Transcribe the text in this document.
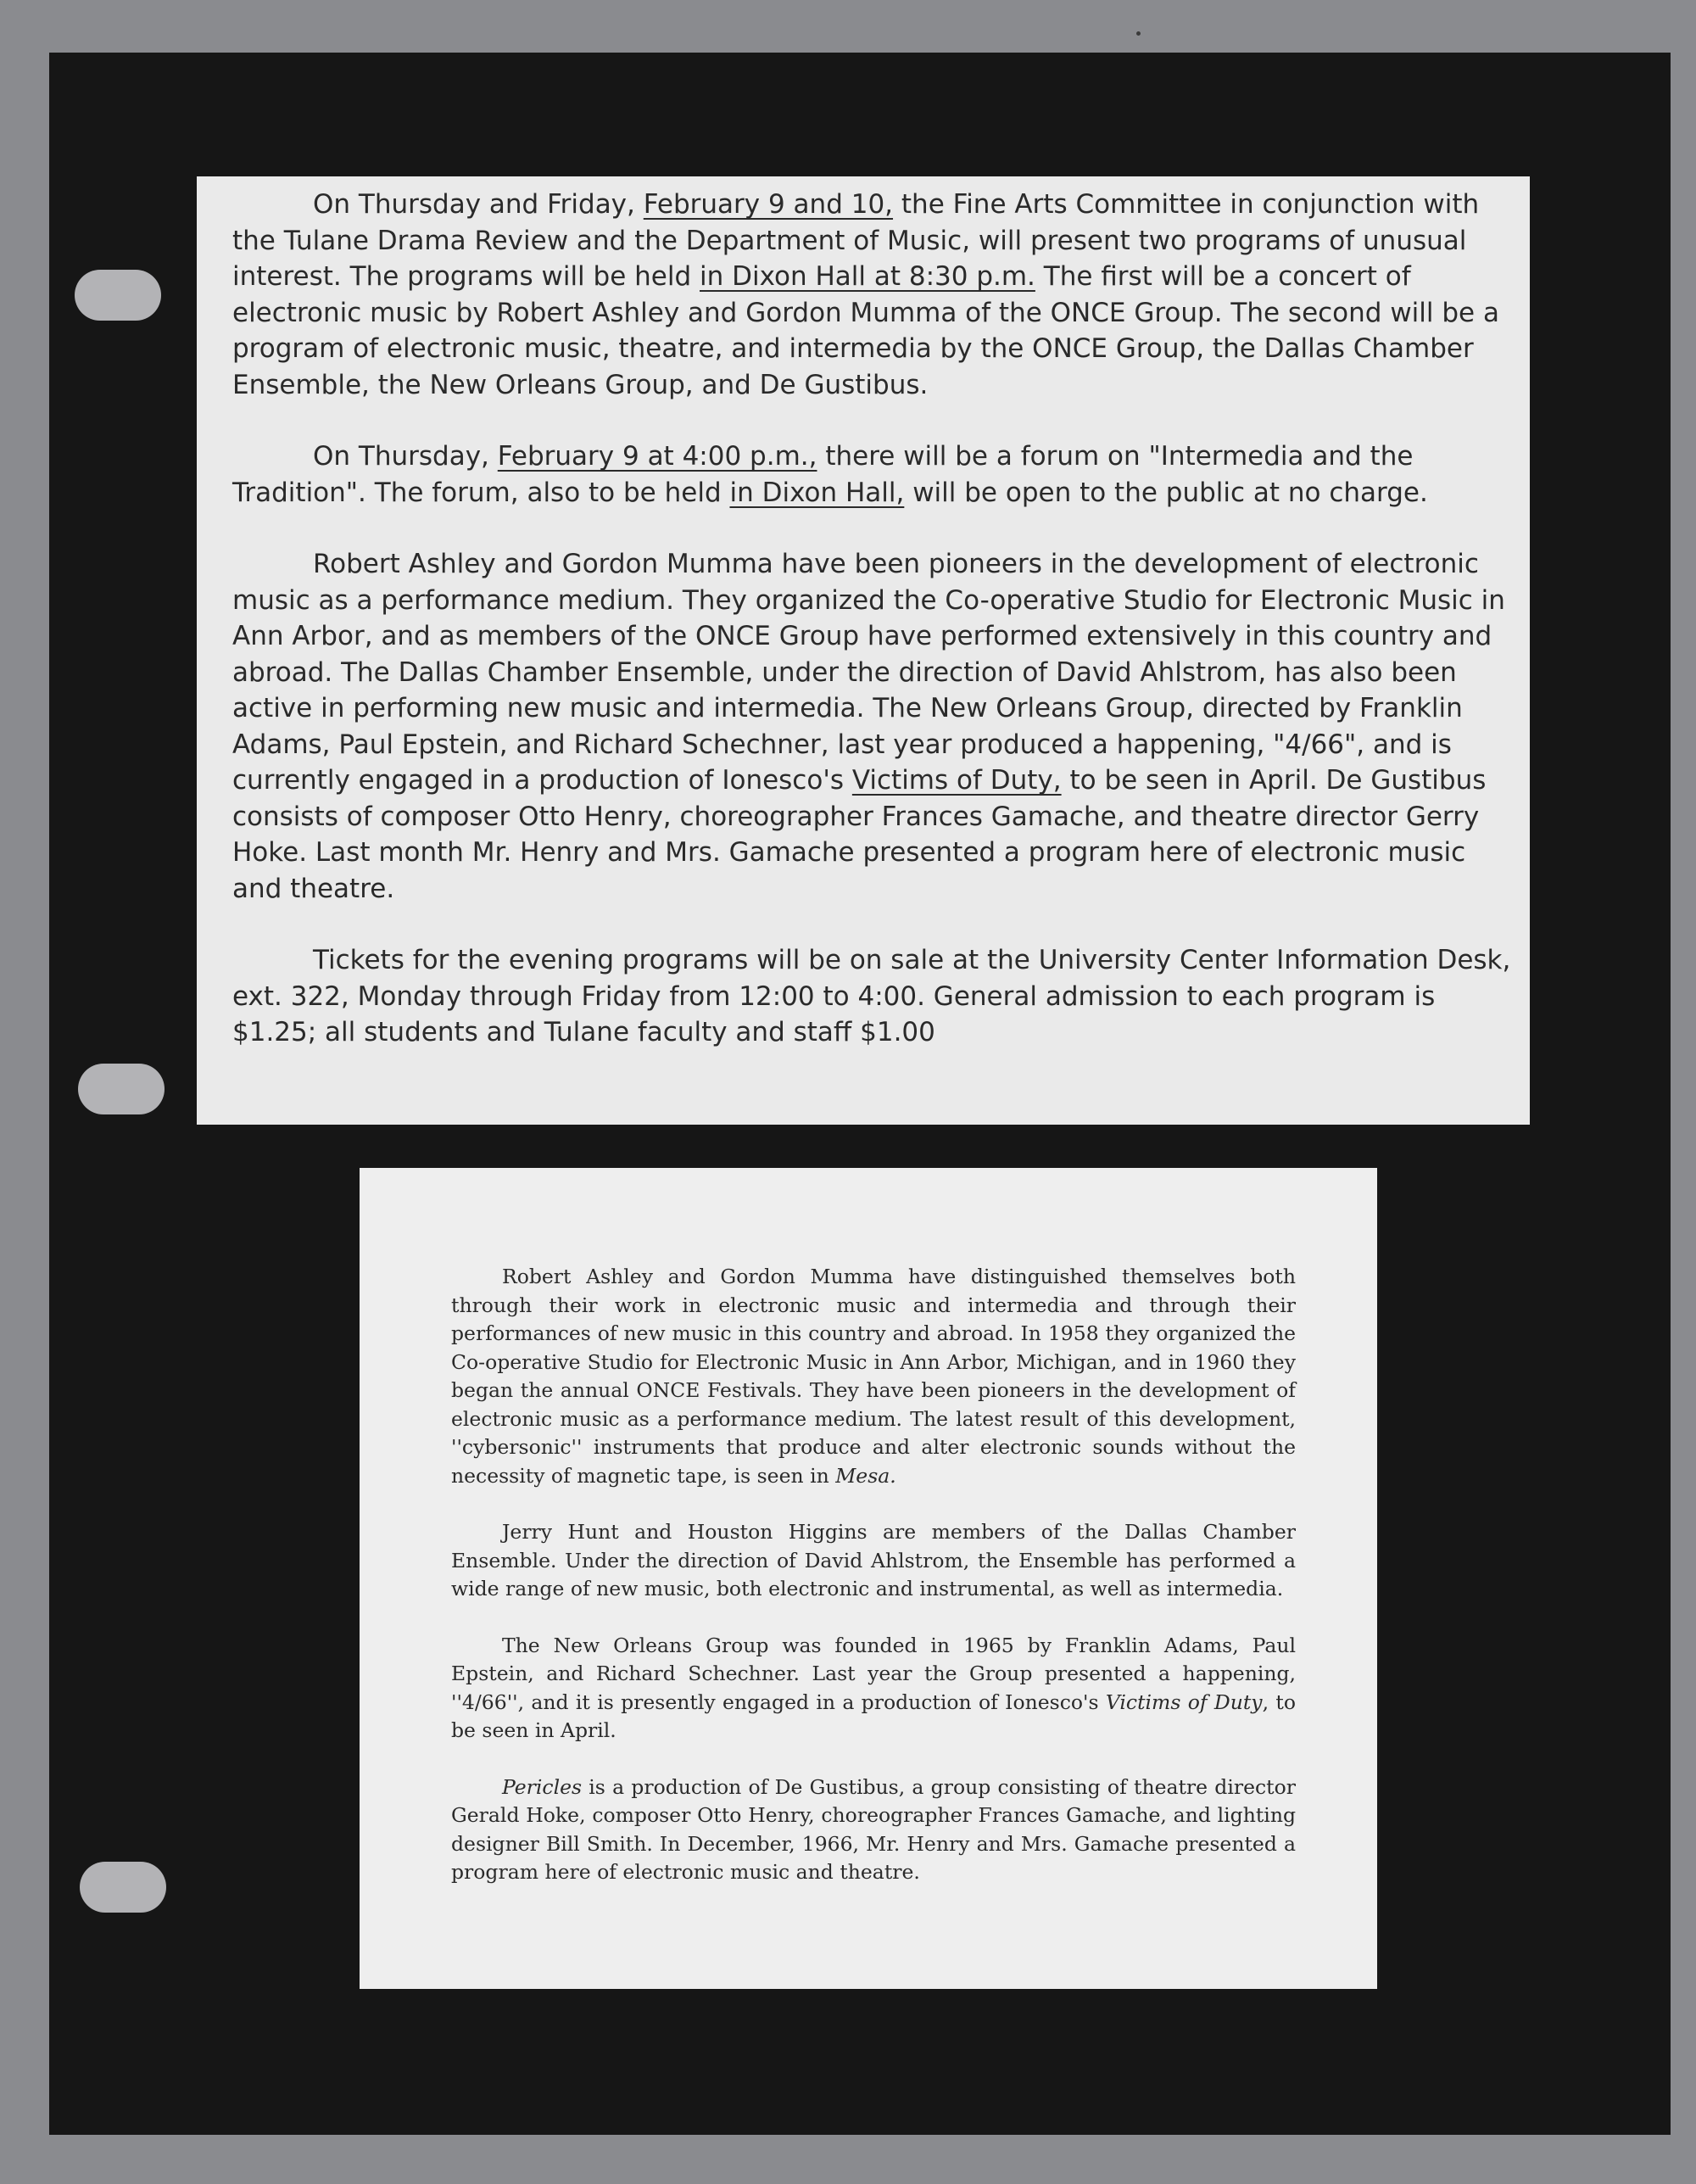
On Thursday and Friday, February 9 and 10, the Fine Arts Committee in conjunction with the Tulane Drama Review and the Department of Music, will present two programs of unusual interest. The programs will be held in Dixon Hall at 8:30 p.m. The first will be a concert of electronic music by Robert Ashley and Gordon Mumma of the ONCE Group. The second will be a program of electronic music, theatre, and intermedia by the ONCE Group, the Dallas Chamber Ensemble, the New Orleans Group, and De Gustibus.

On Thursday, February 9 at 4:00 p.m., there will be a forum on "Intermedia and the Tradition". The forum, also to be held in Dixon Hall, will be open to the public at no charge.

Robert Ashley and Gordon Mumma have been pioneers in the development of electronic music as a performance medium. They organized the Co-operative Studio for Electronic Music in Ann Arbor, and as members of the ONCE Group have performed extensively in this country and abroad. The Dallas Chamber Ensemble, under the direction of David Ahlstrom, has also been active in performing new music and intermedia. The New Orleans Group, directed by Franklin Adams, Paul Epstein, and Richard Schechner, last year produced a happening, "4/66", and is currently engaged in a production of Ionesco's Victims of Duty, to be seen in April. De Gustibus consists of composer Otto Henry, choreographer Frances Gamache, and theatre director Gerry Hoke. Last month Mr. Henry and Mrs. Gamache presented a program here of electronic music and theatre.

Tickets for the evening programs will be on sale at the University Center Information Desk, ext. 322, Monday through Friday from 12:00 to 4:00. General admission to each program is $1.25; all students and Tulane faculty and staff $1.00

Robert Ashley and Gordon Mumma have distinguished themselves both through their work in electronic music and intermedia and through their performances of new music in this country and abroad. In 1958 they organized the Co-operative Studio for Electronic Music in Ann Arbor, Michigan, and in 1960 they began the annual ONCE Festivals. They have been pioneers in the development of electronic music as a performance medium. The latest result of this development, ''cybersonic'' instruments that produce and alter electronic sounds without the necessity of magnetic tape, is seen in Mesa.

Jerry Hunt and Houston Higgins are members of the Dallas Chamber Ensemble. Under the direction of David Ahlstrom, the Ensemble has performed a wide range of new music, both electronic and instrumental, as well as intermedia.

The New Orleans Group was founded in 1965 by Franklin Adams, Paul Epstein, and Richard Schechner. Last year the Group presented a happening, ''4/66'', and it is presently engaged in a production of Ionesco's Victims of Duty, to be seen in April.

Pericles is a production of De Gustibus, a group consisting of theatre director Gerald Hoke, composer Otto Henry, choreographer Frances Gamache, and lighting designer Bill Smith. In December, 1966, Mr. Henry and Mrs. Gamache presented a program here of electronic music and theatre.
